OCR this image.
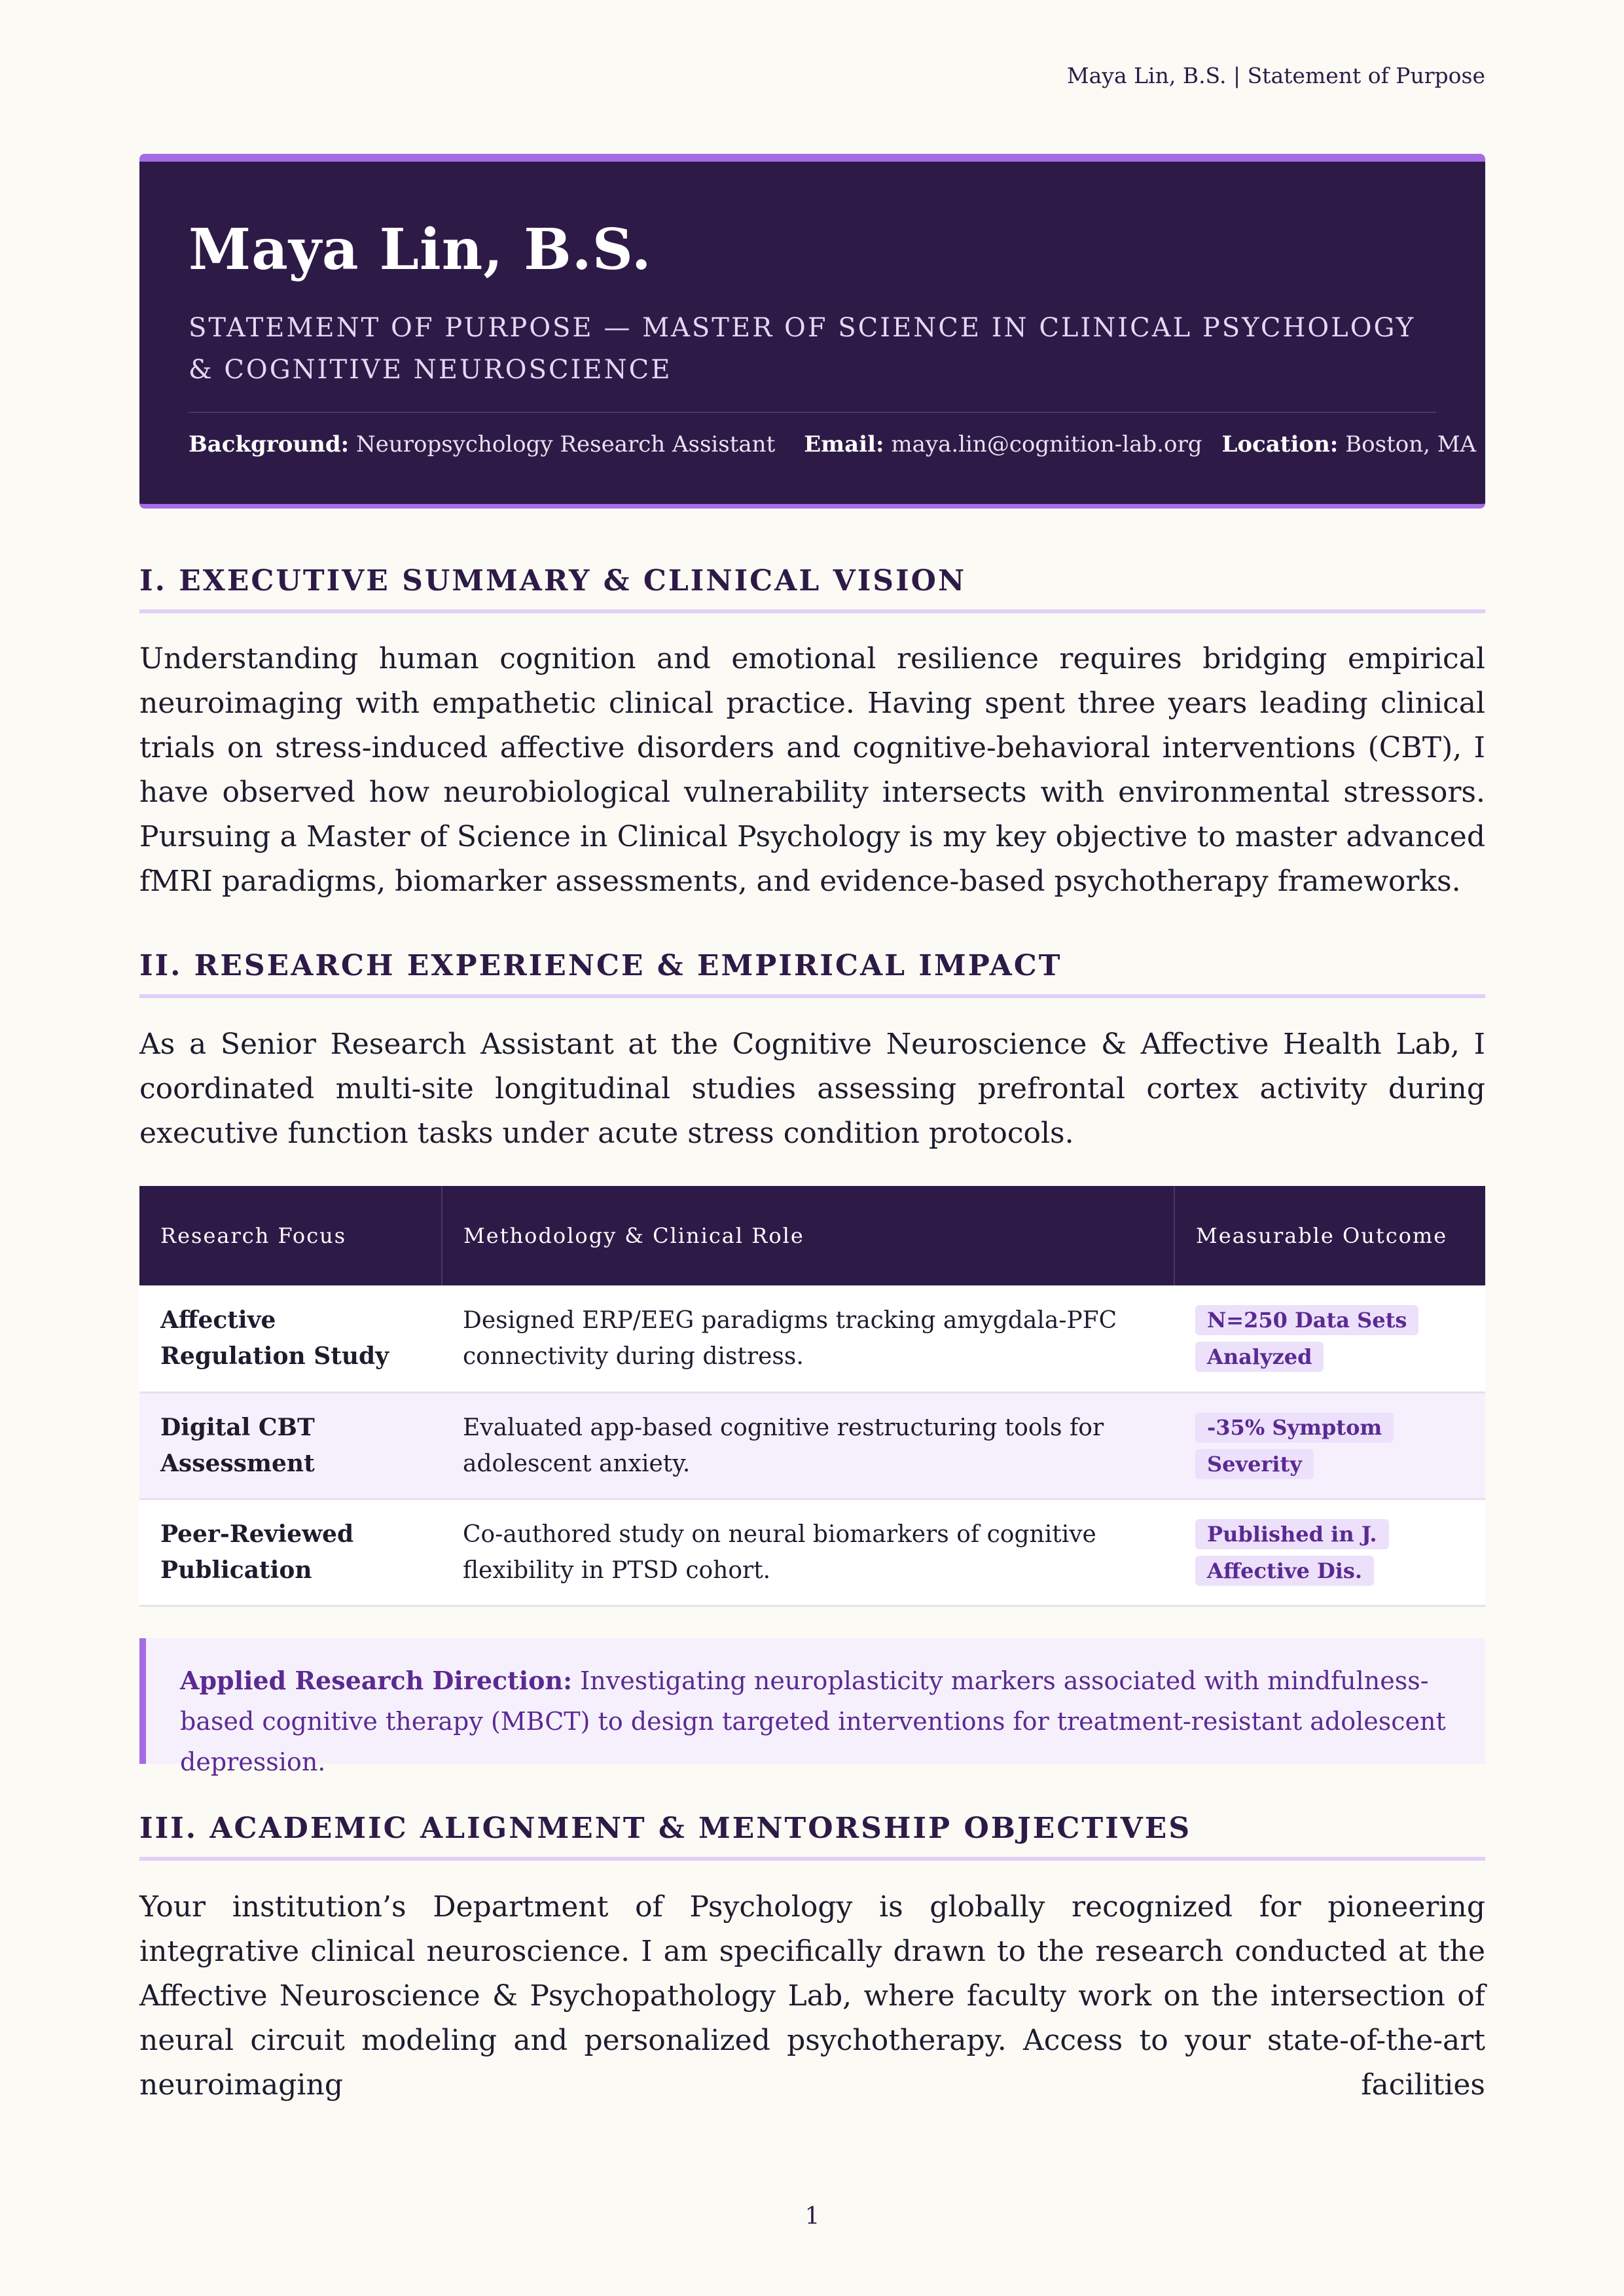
Maya Lin, B.S. | Statement of Purpose
Maya Lin, B.S.
STATEMENT OF PURPOSE — MASTER OF SCIENCE IN CLINICAL PSYCHOLOGY & COGNITIVE NEUROSCIENCE
Background: Neuropsychology Research Assistant Email: maya.lin@cognition-lab.org Location: Boston, MA
I. EXECUTIVE SUMMARY & CLINICAL VISION

Understanding human cognition and emotional resilience requires bridging empirical neuroimaging with empathetic clinical practice. Having spent three years leading clinical trials on stress-induced affective disorders and cognitive-behavioral interventions (CBT), I have observed how neurobiological vulnerability intersects with environmental stressors. Pursuing a Master of Science in Clinical Psychology is my key objective to master advanced fMRI paradigms, biomarker assessments, and evidence-based psychotherapy frameworks.

II. RESEARCH EXPERIENCE & EMPIRICAL IMPACT

As a Senior Research Assistant at the Cognitive Neuroscience & Affective Health Lab, I coordinated multi-site longitudinal studies assessing prefrontal cortex activity during executive function tasks under acute stress condition protocols.

Research Focus	Methodology & Clinical Role	Measurable Outcome
Affective Regulation Study	Designed ERP/EEG paradigms tracking amygdala-PFC connectivity during distress.	N=250 Data Sets Analyzed
Digital CBT Assessment	Evaluated app-based cognitive restructuring tools for adolescent anxiety.	-35% Symptom Severity
Peer-Reviewed Publication	Co-authored study on neural biomarkers of cognitive flexibility in PTSD cohort.	Published in J. Affective Dis.
Applied Research Direction: Investigating neuroplasticity markers associated with mindfulness-based cognitive therapy (MBCT) to design targeted interventions for treatment-resistant adolescent depression.
III. ACADEMIC ALIGNMENT & MENTORSHIP OBJECTIVES

Your institution’s Department of Psychology is globally recognized for pioneering integrative clinical neuroscience. I am specifically drawn to the research conducted at the Affective Neuroscience & Psychopathology Lab, where faculty work on the intersection of neural circuit modeling and personalized psychotherapy. Access to your state-of-the-art neuroimaging facilities

1
